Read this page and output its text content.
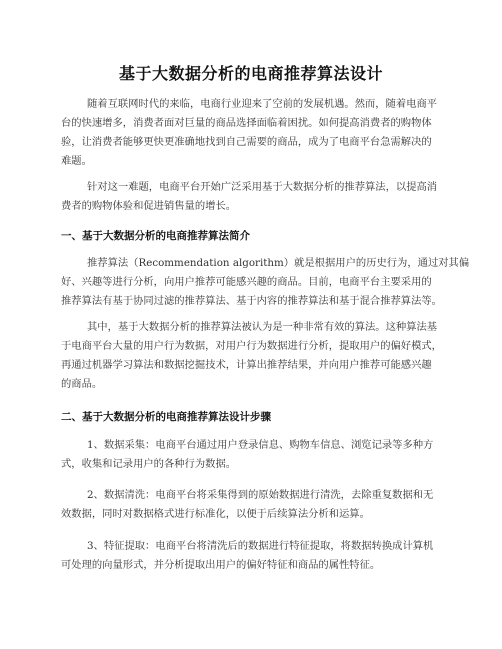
基于大数据分析的电商推荐算法设计

随着互联网时代的来临，电商行业迎来了空前的发展机遇。然而，随着电商平
台的快速增多，消费者面对巨量的商品选择面临着困扰。如何提高消费者的购物体
验，让消费者能够更快更准确地找到自己需要的商品，成为了电商平台急需解决的
难题。

针对这一难题，电商平台开始广泛采用基于大数据分析的推荐算法，以提高消
费者的购物体验和促进销售量的增长。

一、基于大数据分析的电商推荐算法简介

推荐算法（Recommendation algorithm）就是根据用户的历史行为，通过对其偏
好、兴趣等进行分析，向用户推荐可能感兴趣的商品。目前，电商平台主要采用的
推荐算法有基于协同过滤的推荐算法、基于内容的推荐算法和基于混合推荐算法等。

其中，基于大数据分析的推荐算法被认为是一种非常有效的算法。这种算法基
于电商平台大量的用户行为数据，对用户行为数据进行分析，提取用户的偏好模式，
再通过机器学习算法和数据挖掘技术，计算出推荐结果，并向用户推荐可能感兴趣
的商品。

二、基于大数据分析的电商推荐算法设计步骤

1、数据采集：电商平台通过用户登录信息、购物车信息、浏览记录等多种方
式，收集和记录用户的各种行为数据。

2、数据清洗：电商平台将采集得到的原始数据进行清洗，去除重复数据和无
效数据，同时对数据格式进行标准化，以便于后续算法分析和运算。

3、特征提取：电商平台将清洗后的数据进行特征提取，将数据转换成计算机
可处理的向量形式，并分析提取出用户的偏好特征和商品的属性特征。
